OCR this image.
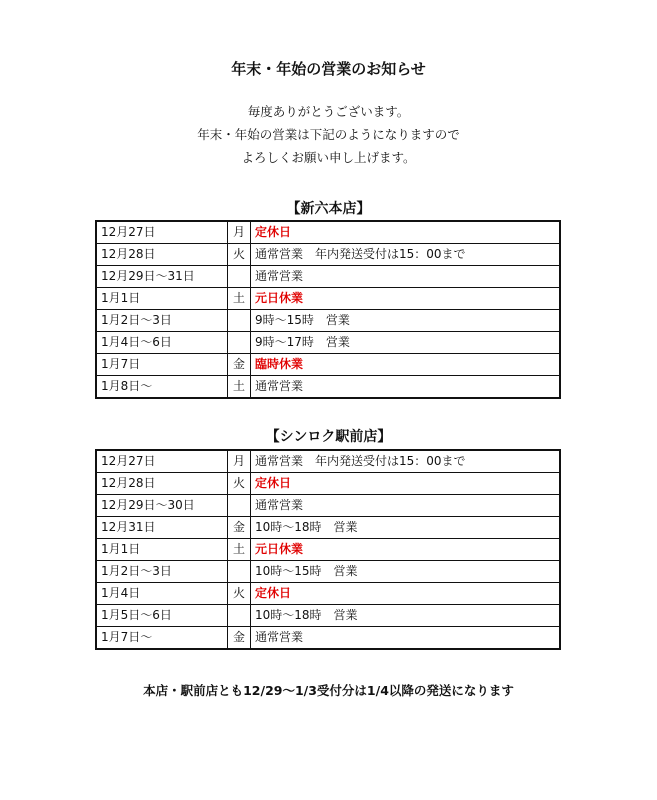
年末・年始の営業のお知らせ
毎度ありがとうございます。
年末・年始の営業は下記のようになりますので
よろしくお願い申し上げます。
【新六本店】
12月27日	月	定休日
12月28日	火	通常営業　年内発送受付は15：00まで
12月29日〜31日		通常営業
1月1日	土	元日休業
1月2日〜3日		9時〜15時　営業
1月4日〜6日		9時〜17時　営業
1月7日	金	臨時休業
1月8日〜	土	通常営業
【シンロク駅前店】
12月27日	月	通常営業　年内発送受付は15：00まで
12月28日	火	定休日
12月29日〜30日		通常営業
12月31日	金	10時〜18時　営業
1月1日	土	元日休業
1月2日〜3日		10時〜15時　営業
1月4日	火	定休日
1月5日〜6日		10時〜18時　営業
1月7日〜	金	通常営業
本店・駅前店とも12/29〜1/3受付分は1/4以降の発送になります
